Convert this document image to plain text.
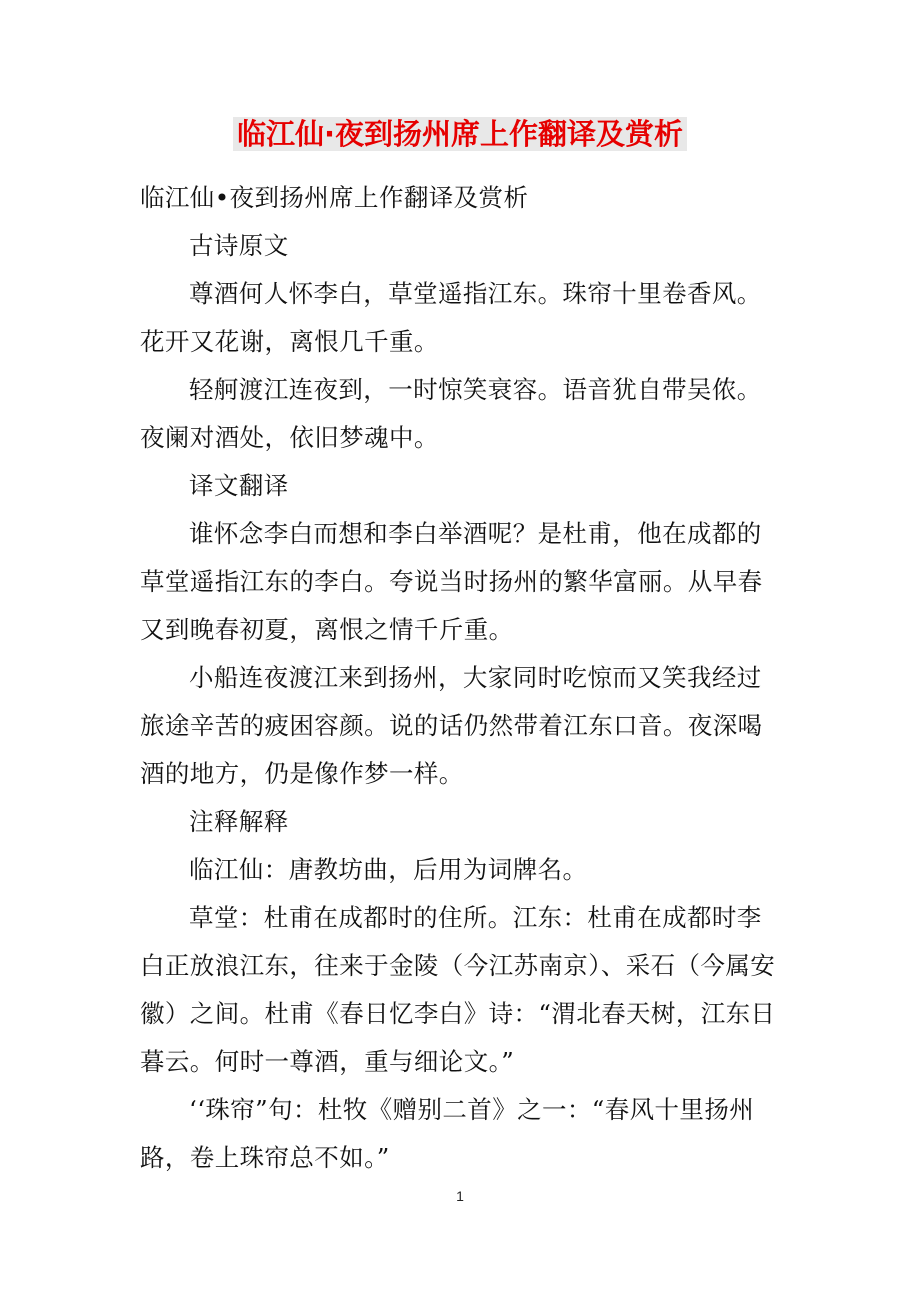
临江仙·夜到扬州席上作翻译及赏析

临江仙•夜到扬州席上作翻译及赏析

古诗原文

尊酒何人怀李白，草堂遥指江东。珠帘十里卷香风。花开又花谢，离恨几千重。

轻舸渡江连夜到，一时惊笑衰容。语音犹自带吴侬。夜阑对酒处，依旧梦魂中。

译文翻译

谁怀念李白而想和李白举酒呢？是杜甫，他在成都的草堂遥指江东的李白。夸说当时扬州的繁华富丽。从早春又到晚春初夏，离恨之情千斤重。

小船连夜渡江来到扬州，大家同时吃惊而又笑我经过旅途辛苦的疲困容颜。说的话仍然带着江东口音。夜深喝酒的地方，仍是像作梦一样。

注释解释

临江仙：唐教坊曲，后用为词牌名。

草堂：杜甫在成都时的住所。江东：杜甫在成都时李白正放浪江东，往来于金陵（今江苏南京）、采石（今属安徽）之间。杜甫《春日忆李白》诗：“渭北春天树，江东日暮云。何时一尊酒，重与细论文。”

‘‘珠帘”句：杜牧《赠别二首》之一：“春风十里扬州路，卷上珠帘总不如。”

1
